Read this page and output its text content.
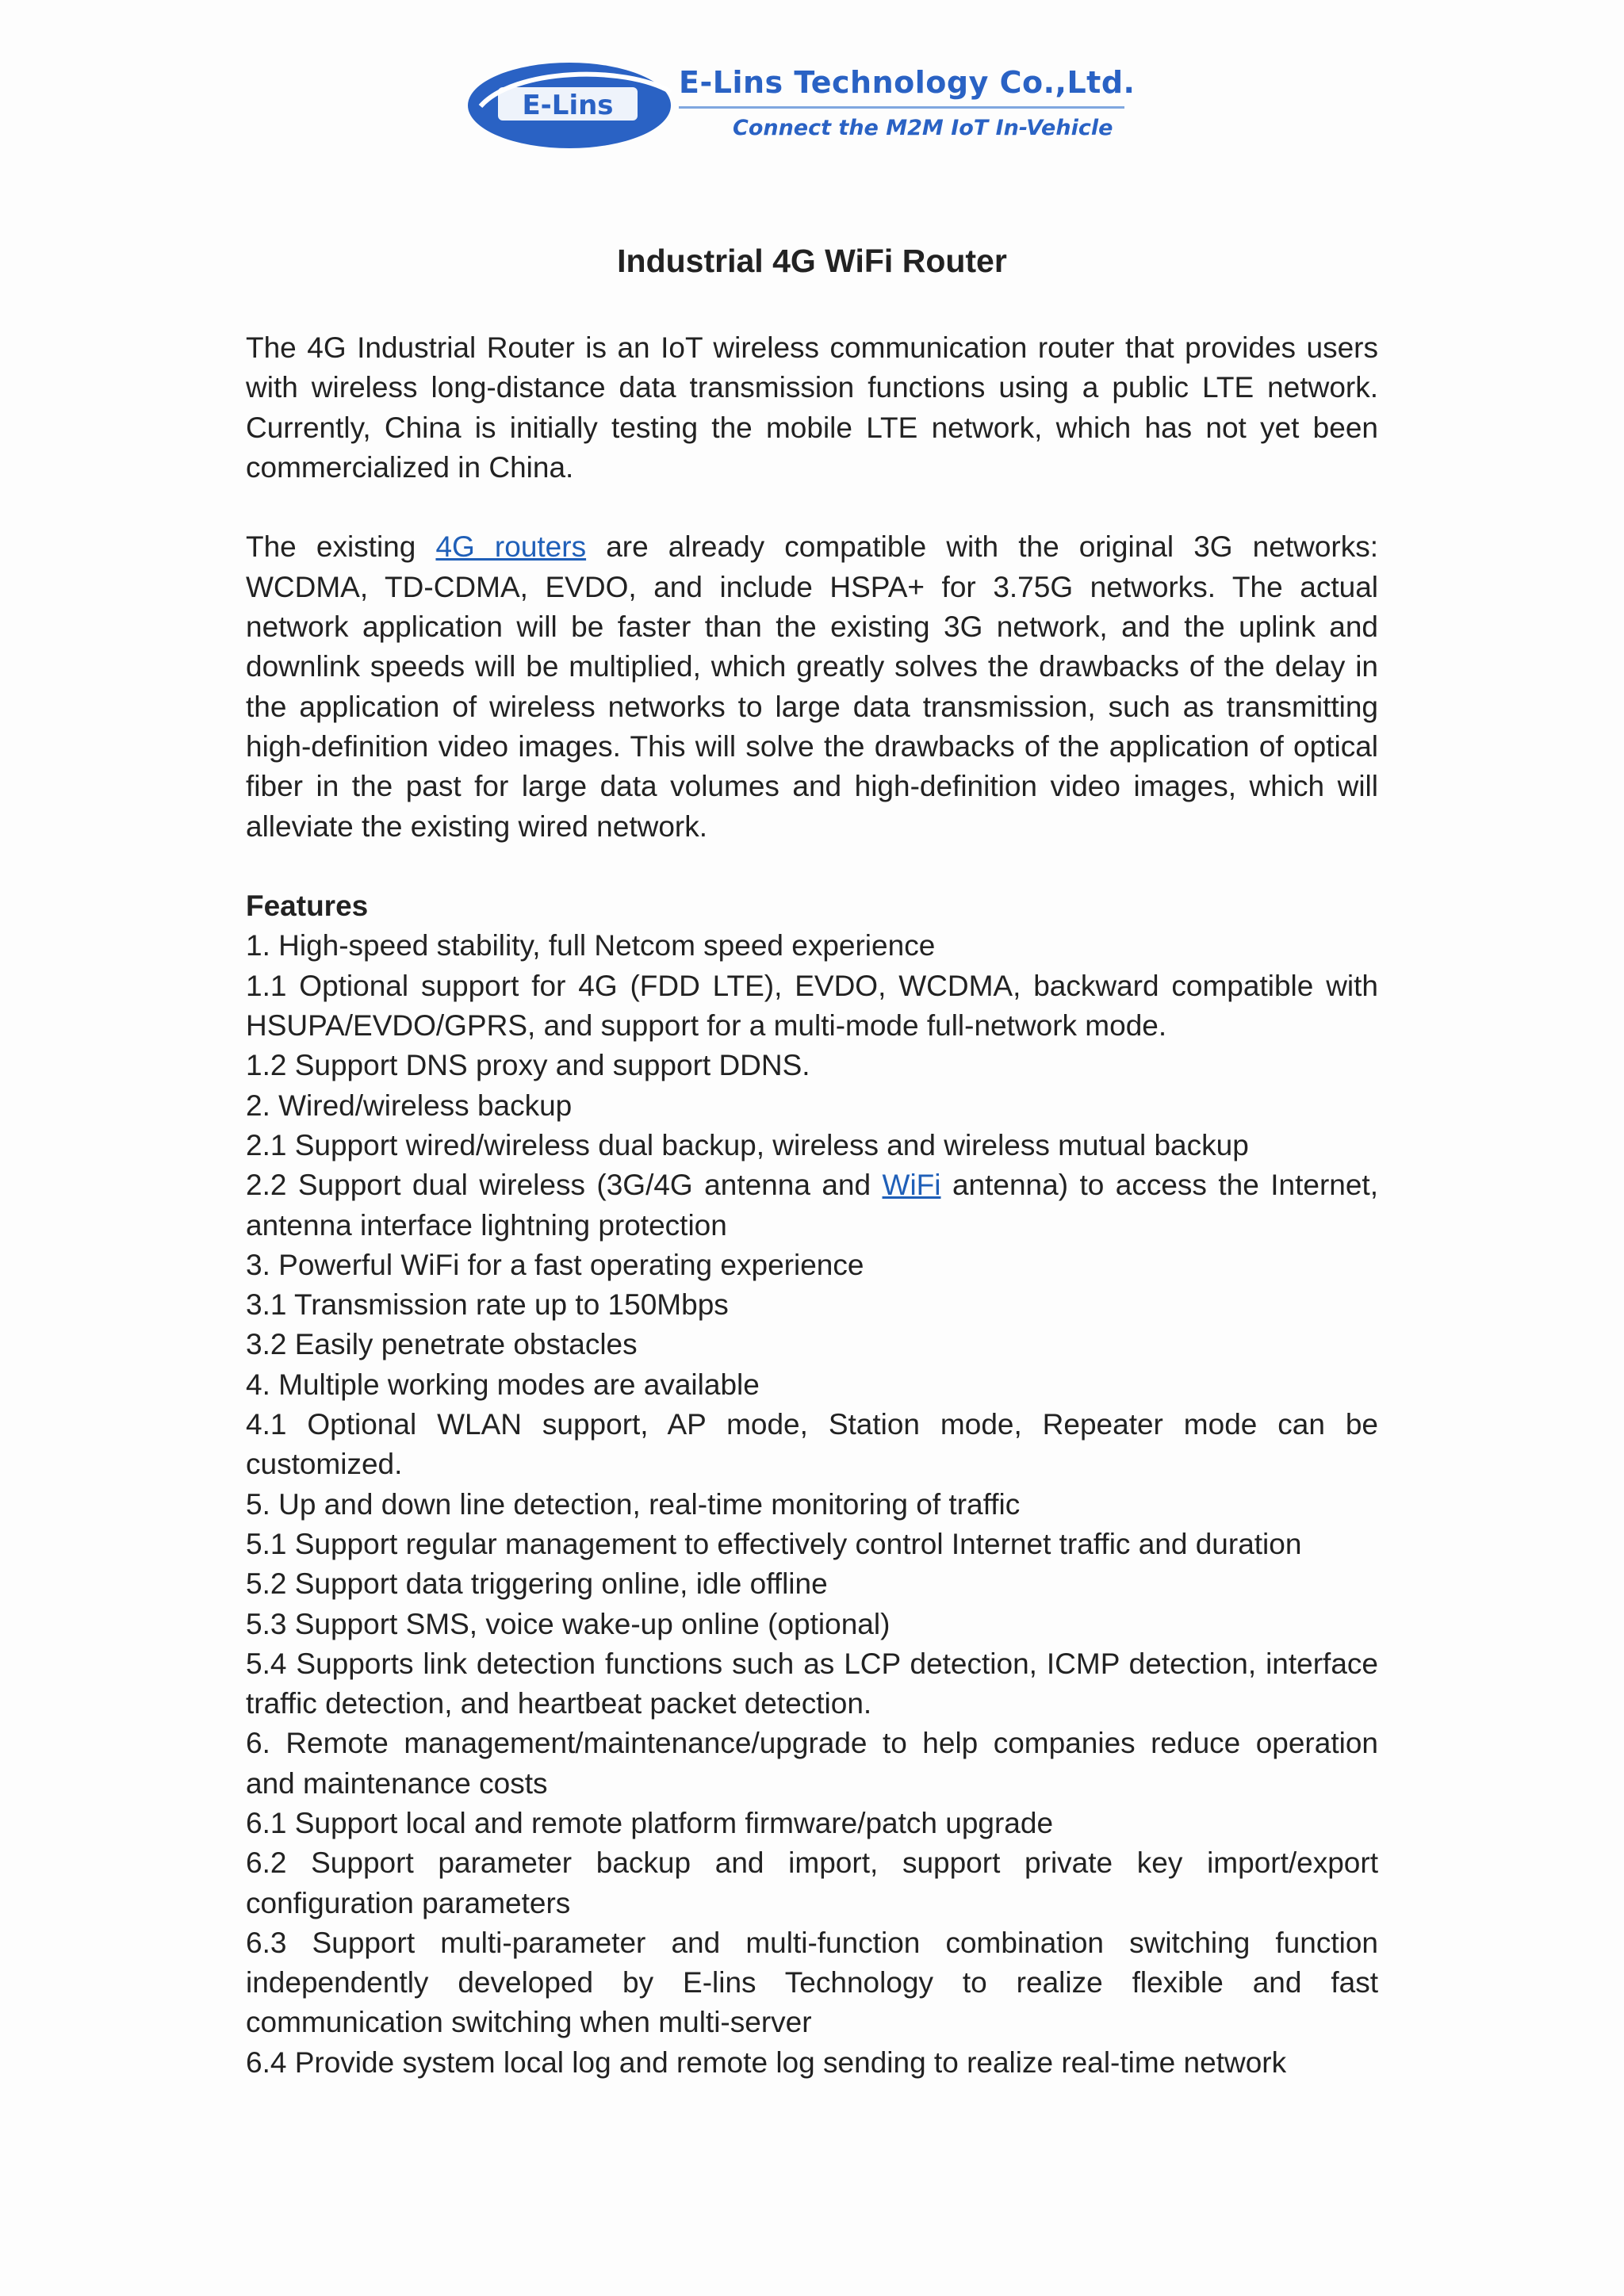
E-Lins
E-Lins Technology Co.,Ltd.
Connect the M2M IoT In-Vehicle
Industrial 4G WiFi Router

The 4G Industrial Router is an IoT wireless communication router that provides users with wireless long-distance data transmission functions using a public LTE network. Currently, China is initially testing the mobile LTE network, which has not yet been commercialized in China.

The existing 4G routers are already compatible with the original 3G networks: WCDMA, TD-CDMA, EVDO, and include HSPA+ for 3.75G networks. The actual network application will be faster than the existing 3G network, and the uplink and downlink speeds will be multiplied, which greatly solves the drawbacks of the delay in the application of wireless networks to large data transmission, such as transmitting high-definition video images. This will solve the drawbacks of the application of optical fiber in the past for large data volumes and high-definition video images, which will alleviate the existing wired network.

Features

1. High-speed stability, full Netcom speed experience

1.1 Optional support for 4G (FDD LTE), EVDO, WCDMA, backward compatible with HSUPA/EVDO/GPRS, and support for a multi-mode full-network mode.

1.2 Support DNS proxy and support DDNS.

2. Wired/wireless backup

2.1 Support wired/wireless dual backup, wireless and wireless mutual backup

2.2 Support dual wireless (3G/4G antenna and WiFi antenna) to access the Internet, antenna interface lightning protection

3. Powerful WiFi for a fast operating experience

3.1 Transmission rate up to 150Mbps

3.2 Easily penetrate obstacles

4. Multiple working modes are available

4.1 Optional WLAN support, AP mode, Station mode, Repeater mode can be customized.

5. Up and down line detection, real-time monitoring of traffic

5.1 Support regular management to effectively control Internet traffic and duration

5.2 Support data triggering online, idle offline

5.3 Support SMS, voice wake-up online (optional)

5.4 Supports link detection functions such as LCP detection, ICMP detection, interface traffic detection, and heartbeat packet detection.

6. Remote management/maintenance/upgrade to help companies reduce operation and maintenance costs

6.1 Support local and remote platform firmware/patch upgrade

6.2 Support parameter backup and import, support private key import/export configuration parameters

6.3 Support multi-parameter and multi-function combination switching function independently developed by E-lins Technology to realize flexible and fast communication switching when multi-server

6.4 Provide system local log and remote log sending to realize real-time network
